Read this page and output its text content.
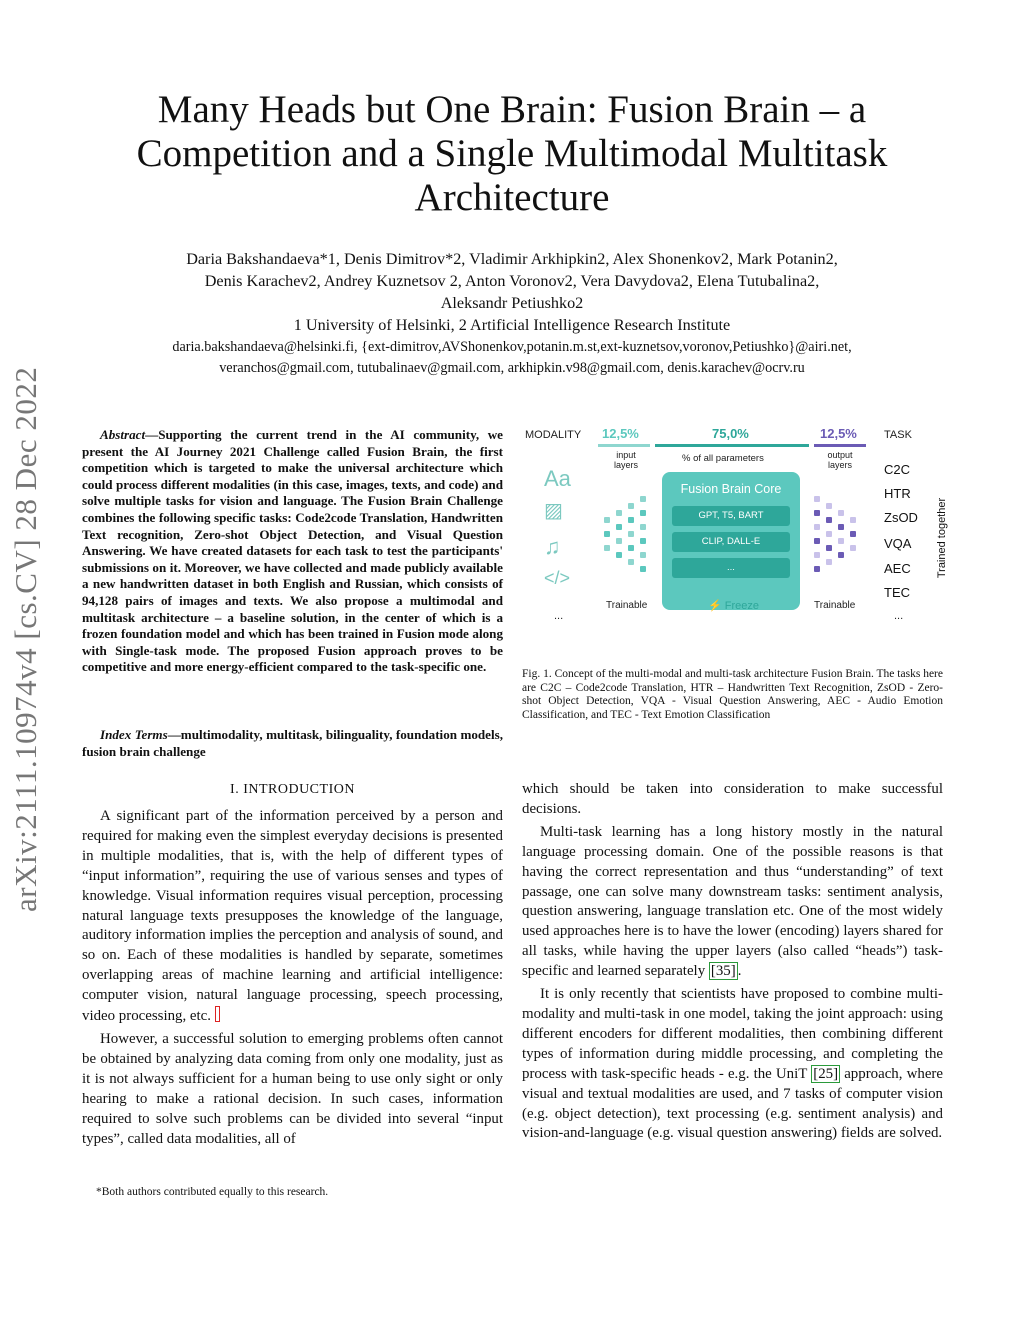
arXiv:2111.10974v4 [cs.CV] 28 Dec 2022
Many Heads but One Brain: Fusion Brain – a Competition and a Single Multimodal Multitask Architecture
Daria Bakshandaeva*1, Denis Dimitrov*2, Vladimir Arkhipkin2, Alex Shonenkov2, Mark Potanin2,
Denis Karachev2, Andrey Kuznetsov 2, Anton Voronov2, Vera Davydova2, Elena Tutubalina2,
Aleksandr Petiushko2
1 University of Helsinki, 2 Artificial Intelligence Research Institute
daria.bakshandaeva@helsinki.fi, {ext-dimitrov,AVShonenkov,potanin.m.st,ext-kuznetsov,voronov,Petiushko}@airi.net,
veranchos@gmail.com, tutubalinaev@gmail.com, arkhipkin.v98@gmail.com, denis.karachev@ocrv.ru
Abstract—Supporting the current trend in the AI community, we present the AI Journey 2021 Challenge called Fusion Brain, the first competition which is targeted to make the universal architecture which could process different modalities (in this case, images, texts, and code) and solve multiple tasks for vision and language. The Fusion Brain Challenge combines the following specific tasks: Code2code Translation, Handwritten Text recognition, Zero-shot Object Detection, and Visual Question Answering. We have created datasets for each task to test the participants' submissions on it. Moreover, we have collected and made publicly available a new handwritten dataset in both English and Russian, which consists of 94,128 pairs of images and texts. We also propose a multimodal and multitask architecture – a baseline solution, in the center of which is a frozen foundation model and which has been trained in Fusion mode along with Single-task mode. The proposed Fusion approach proves to be competitive and more energy-efficient compared to the task-specific one.
Index Terms—multimodality, multitask, bilinguality, foundation models, fusion brain challenge
I. INTRODUCTION

A significant part of the information perceived by a person and required for making even the simplest everyday decisions is presented in multiple modalities, that is, with the help of different types of “input information”, requiring the use of various senses and types of knowledge. Visual information requires visual perception, processing natural language texts presupposes the knowledge of the language, auditory information implies the perception and analysis of sound, and so on. Each of these modalities is handled by separate, sometimes overlapping areas of machine learning and artificial intelligence: computer vision, natural language processing, speech processing, video processing, etc.

However, a successful solution to emerging problems often cannot be obtained by analyzing data coming from only one modality, just as it is not always sufficient for a human being to use only sight or only hearing to make a rational decision. In such cases, information required to solve such problems can be divided into several “input types”, called data modalities, all of

*Both authors contributed equally to this research.
MODALITY	TASK
12,5%	75,0%	12,5%
input layers
% of all parameters	output layers
Aa
▨
♫
</>
Fusion Brain Core
GPT, T5, BART
CLIP, DALL-E
...
Trainable	⚡ Freeze	Trainable
...	...
C2C
HTR
ZsOD
VQA
AEC
TEC
Trained together
Fig. 1. Concept of the multi-modal and multi-task architecture Fusion Brain. The tasks here are C2C – Code2code Translation, HTR – Handwritten Text Recognition, ZsOD - Zero-shot Object Detection, VQA - Visual Question Answering, AEC - Audio Emotion Classification, and TEC - Text Emotion Classification

which should be taken into consideration to make successful decisions.

Multi-task learning has a long history mostly in the natural language processing domain. One of the possible reasons is that having the correct representation and thus “understanding” of text passage, one can solve many downstream tasks: sentiment analysis, question answering, language translation etc. One of the most widely used approaches here is to have the lower (encoding) layers shared for all tasks, while having the upper layers (also called “heads”) task-specific and learned separately [35] .

It is only recently that scientists have proposed to combine multi-modality and multi-task in one model, taking the joint approach: using different encoders for different modalities, then combining different types of information during middle processing, and completing the process with task-specific heads - e.g. the UniT [25] approach, where visual and textual modalities are used, and 7 tasks of computer vision (e.g. object detection), text processing (e.g. sentiment analysis) and vision-and-language (e.g. visual question answering) fields are solved.
